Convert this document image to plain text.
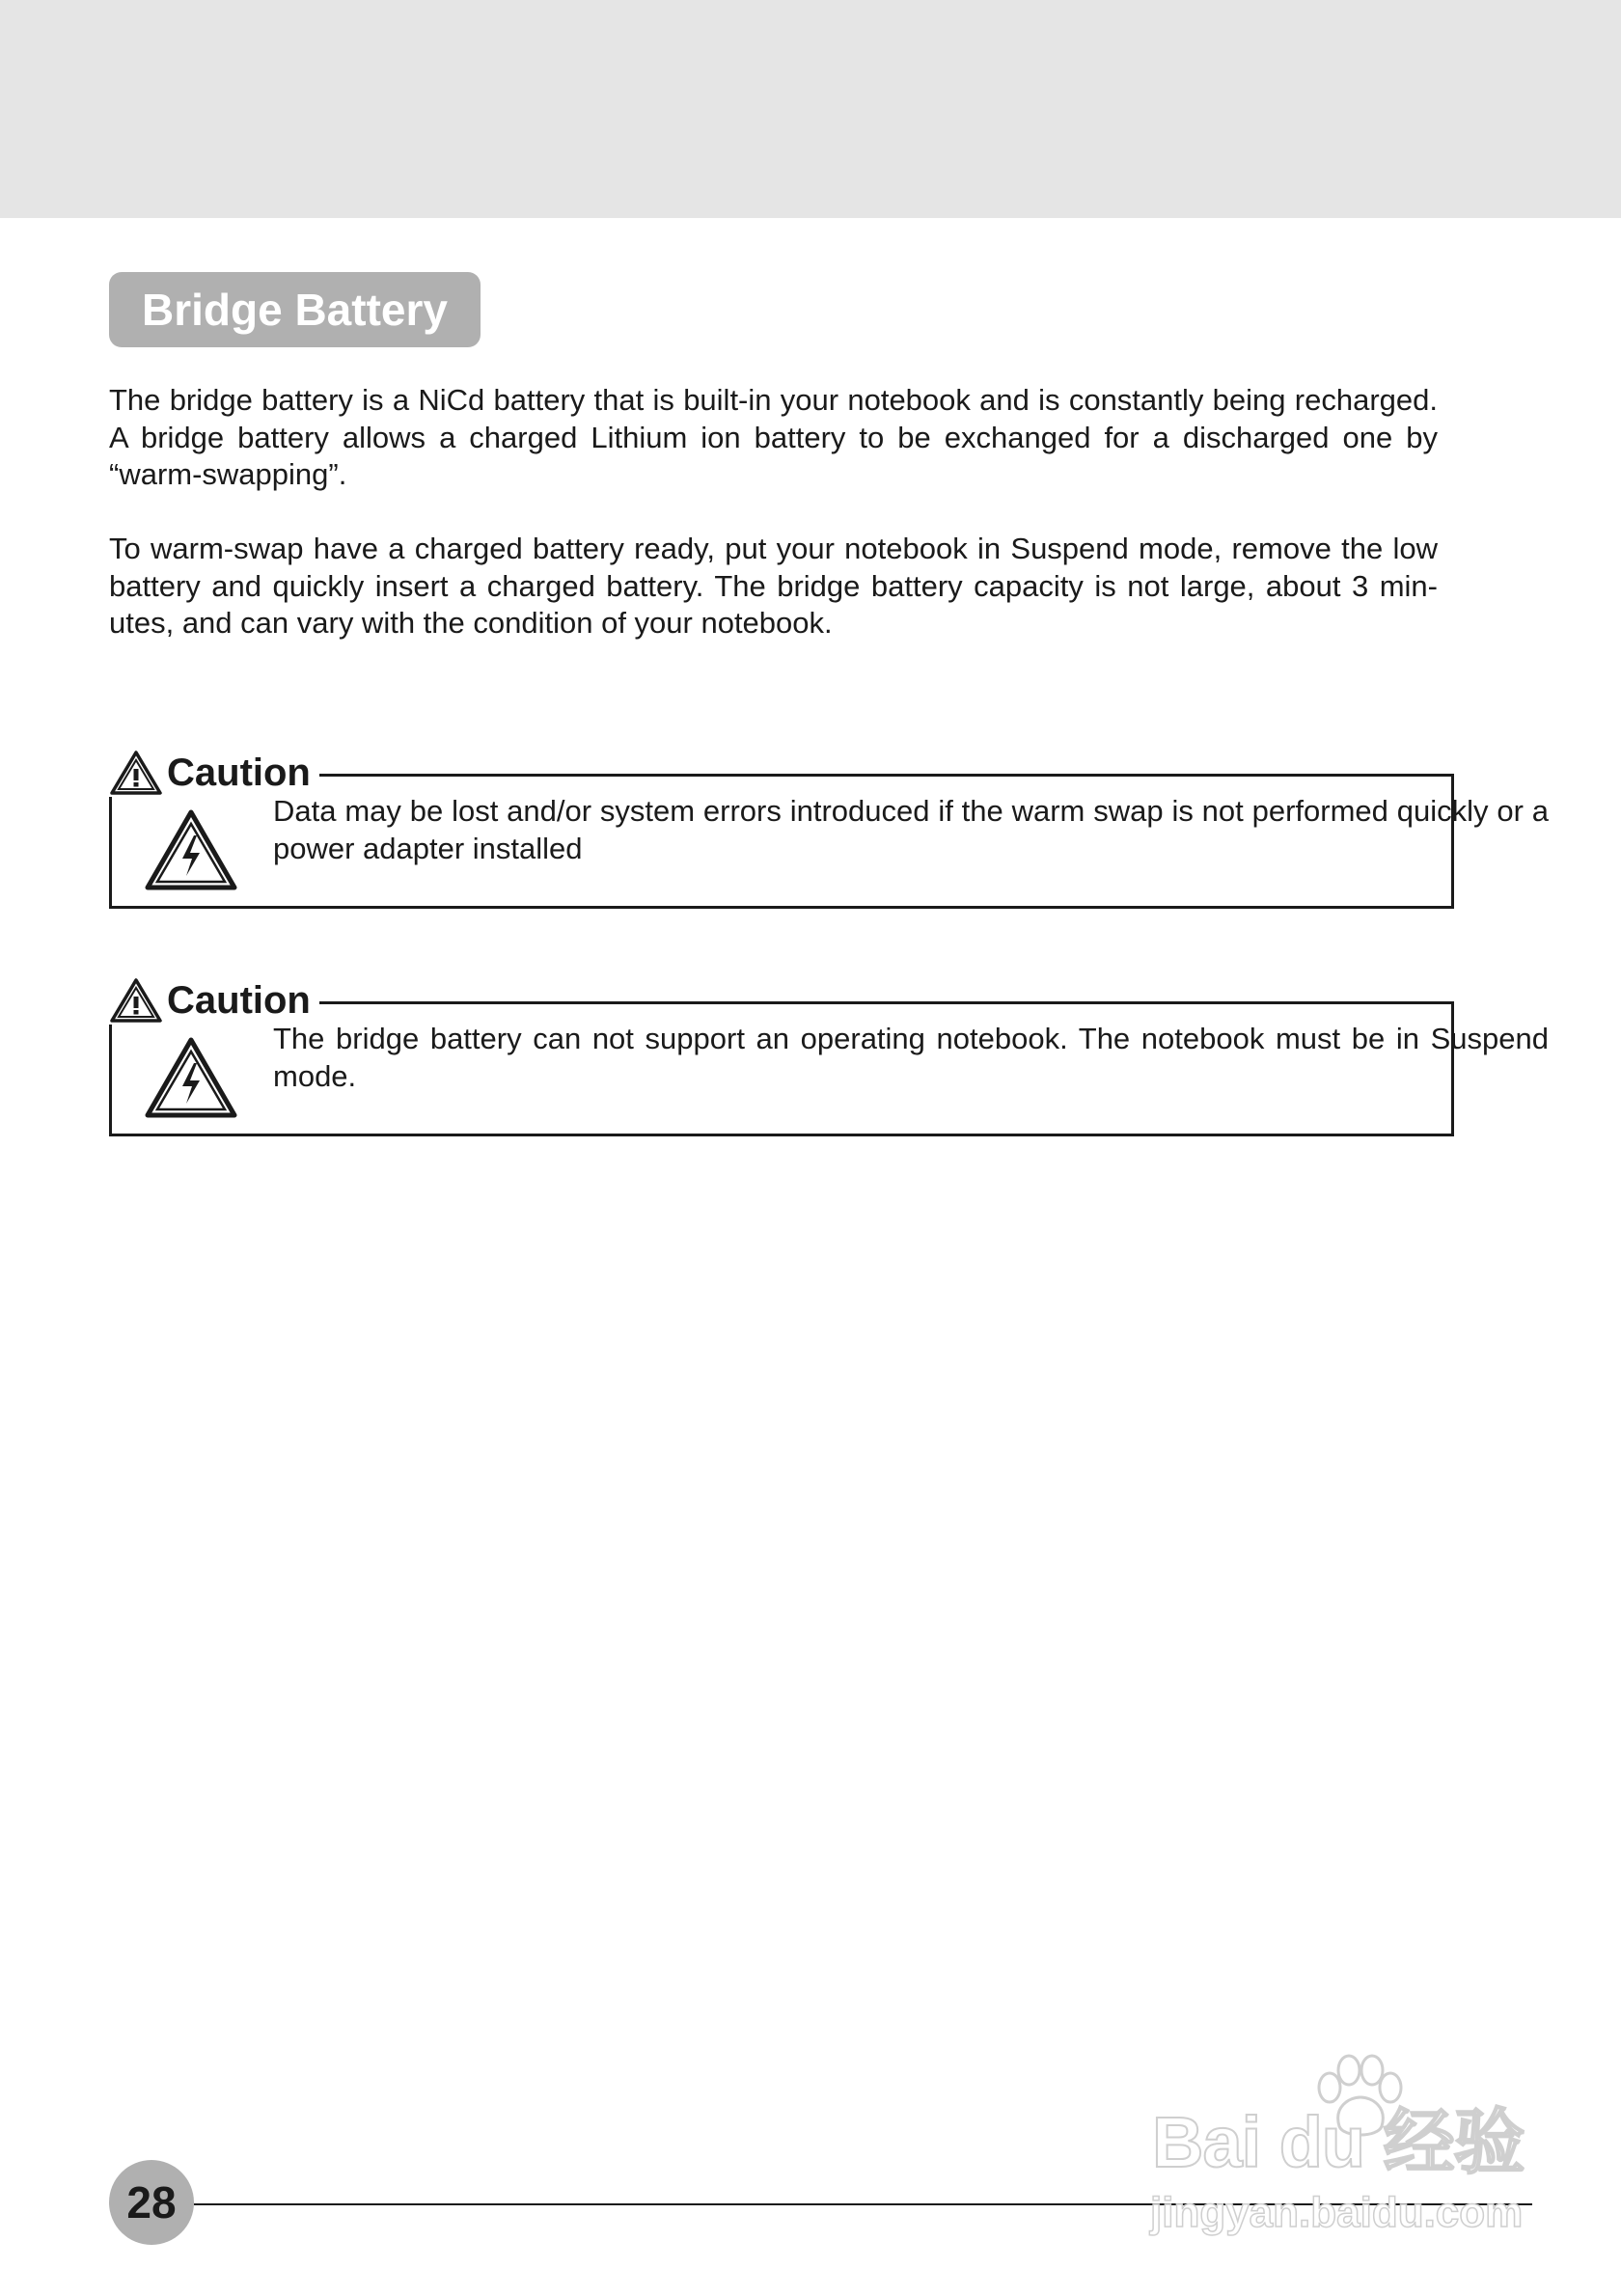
Bridge Battery

The bridge battery is a NiCd battery that is built-in your notebook and is constantly being recharged. A bridge battery allows a charged Lithium ion battery to be exchanged for a discharged one by “warm-swapping”.

To warm-swap have a charged battery ready, put your notebook in Suspend mode, remove the low battery and quickly insert a charged battery. The bridge battery capacity is not large, about 3 min-utes, and can vary with the condition of your notebook.

Caution

Data may be lost and/or system errors introduced if the warm swap is not performed quickly or a power adapter installed

Caution

The bridge battery can not support an operating notebook. The notebook must be in Suspend mode.

28
Bai du 经验
jingyan.baidu.com
